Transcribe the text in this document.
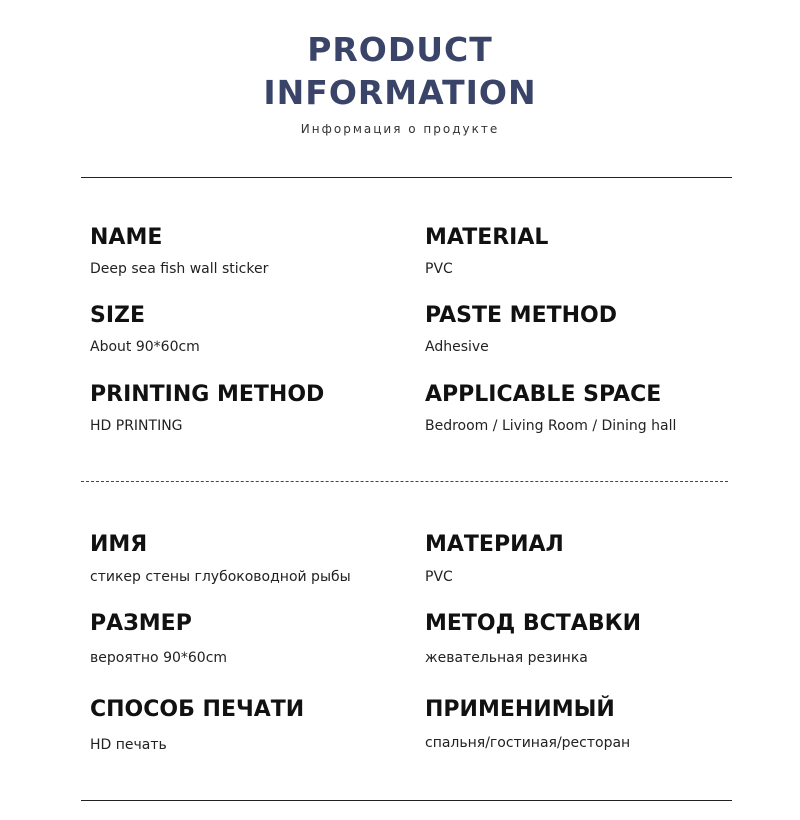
PRODUCT
INFORMATION
Информация о продукте
NAME
Deep sea fish wall sticker
MATERIAL
PVC
SIZE
About 90*60cm
PASTE METHOD
Adhesive
PRINTING METHOD
HD PRINTING
APPLICABLE SPACE
Bedroom / Living Room / Dining hall
ИМЯ
стикер стены глубоководной рыбы
МАТЕРИАЛ
PVC
РАЗМЕР
вероятно 90*60cm
МЕТОД ВСТАВКИ
жевательная резинка
СПОСОБ ПЕЧАТИ
HD печать
ПРИМЕНИМЫЙ
спальня/гостиная/ресторан
